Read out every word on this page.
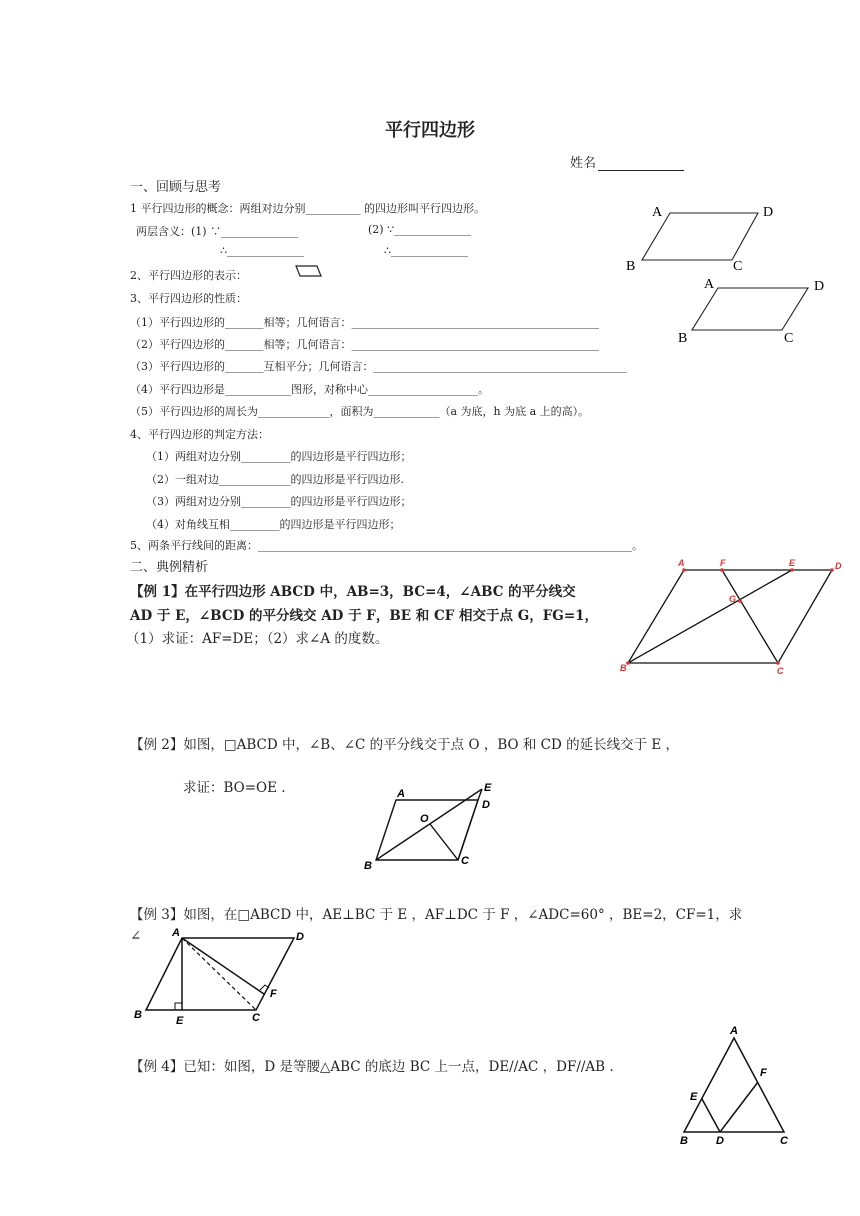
平行四边形
姓名
一、回顾与思考
1 平行四边形的概念：两组对边分别__________ 的四边形叫平行四边形。
两层含义：(1) ∵______________	(2) ∵______________
∴______________	∴______________
2、平行四边形的表示：
3、平行四边形的性质：
（1）平行四边形的_______相等；几何语言：_____________________________________________
（2）平行四边形的_______相等；几何语言：_____________________________________________
（3）平行四边形的_______互相平分；几何语言：______________________________________________
（4）平行四边形是____________图形，对称中心____________________。
（5）平行四边形的周长为_____________，面积为____________（a 为底，h 为底 a 上的高）。
4、平行四边形的判定方法：
（1）两组对边分别_________的四边形是平行四边形；
（2）一组对边_____________的四边形是平行四边形.
（3）两组对边分别_________的四边形是平行四边形；
（4）对角线互相_________的四边形是平行四边形；
5、两条平行线间的距离：____________________________________________________________________。
A	D
B	C
A	D
B	C
二、典例精析
【例 1】在平行四边形 ABCD 中，AB=3，BC=4，∠ABC 的平分线交
AD 于 E，∠BCD 的平分线交 AD 于 F，BE 和 CF 相交于点 G，FG=1，
（1）求证：AF=DE；（2）求∠A 的度数。
A	F	E	D
G
B	C
【例 2】如图，□ABCD 中，∠B、∠C 的平分线交于点 O ，BO 和 CD 的延长线交于 E ，
求证：BO=OE .	A	E
D
O
B	C
【例 3】如图，在□ABCD 中，AE⊥BC 于 E ，AF⊥DC 于 F ，∠ADC=60° ，BE=2，CF=1，求
∠	A	D
F
B	E	C
【例 4】已知：如图，D 是等腰△ABC 的底边 BC 上一点，DE//AC ，DF//AB .
A
F
E
B	D	C
